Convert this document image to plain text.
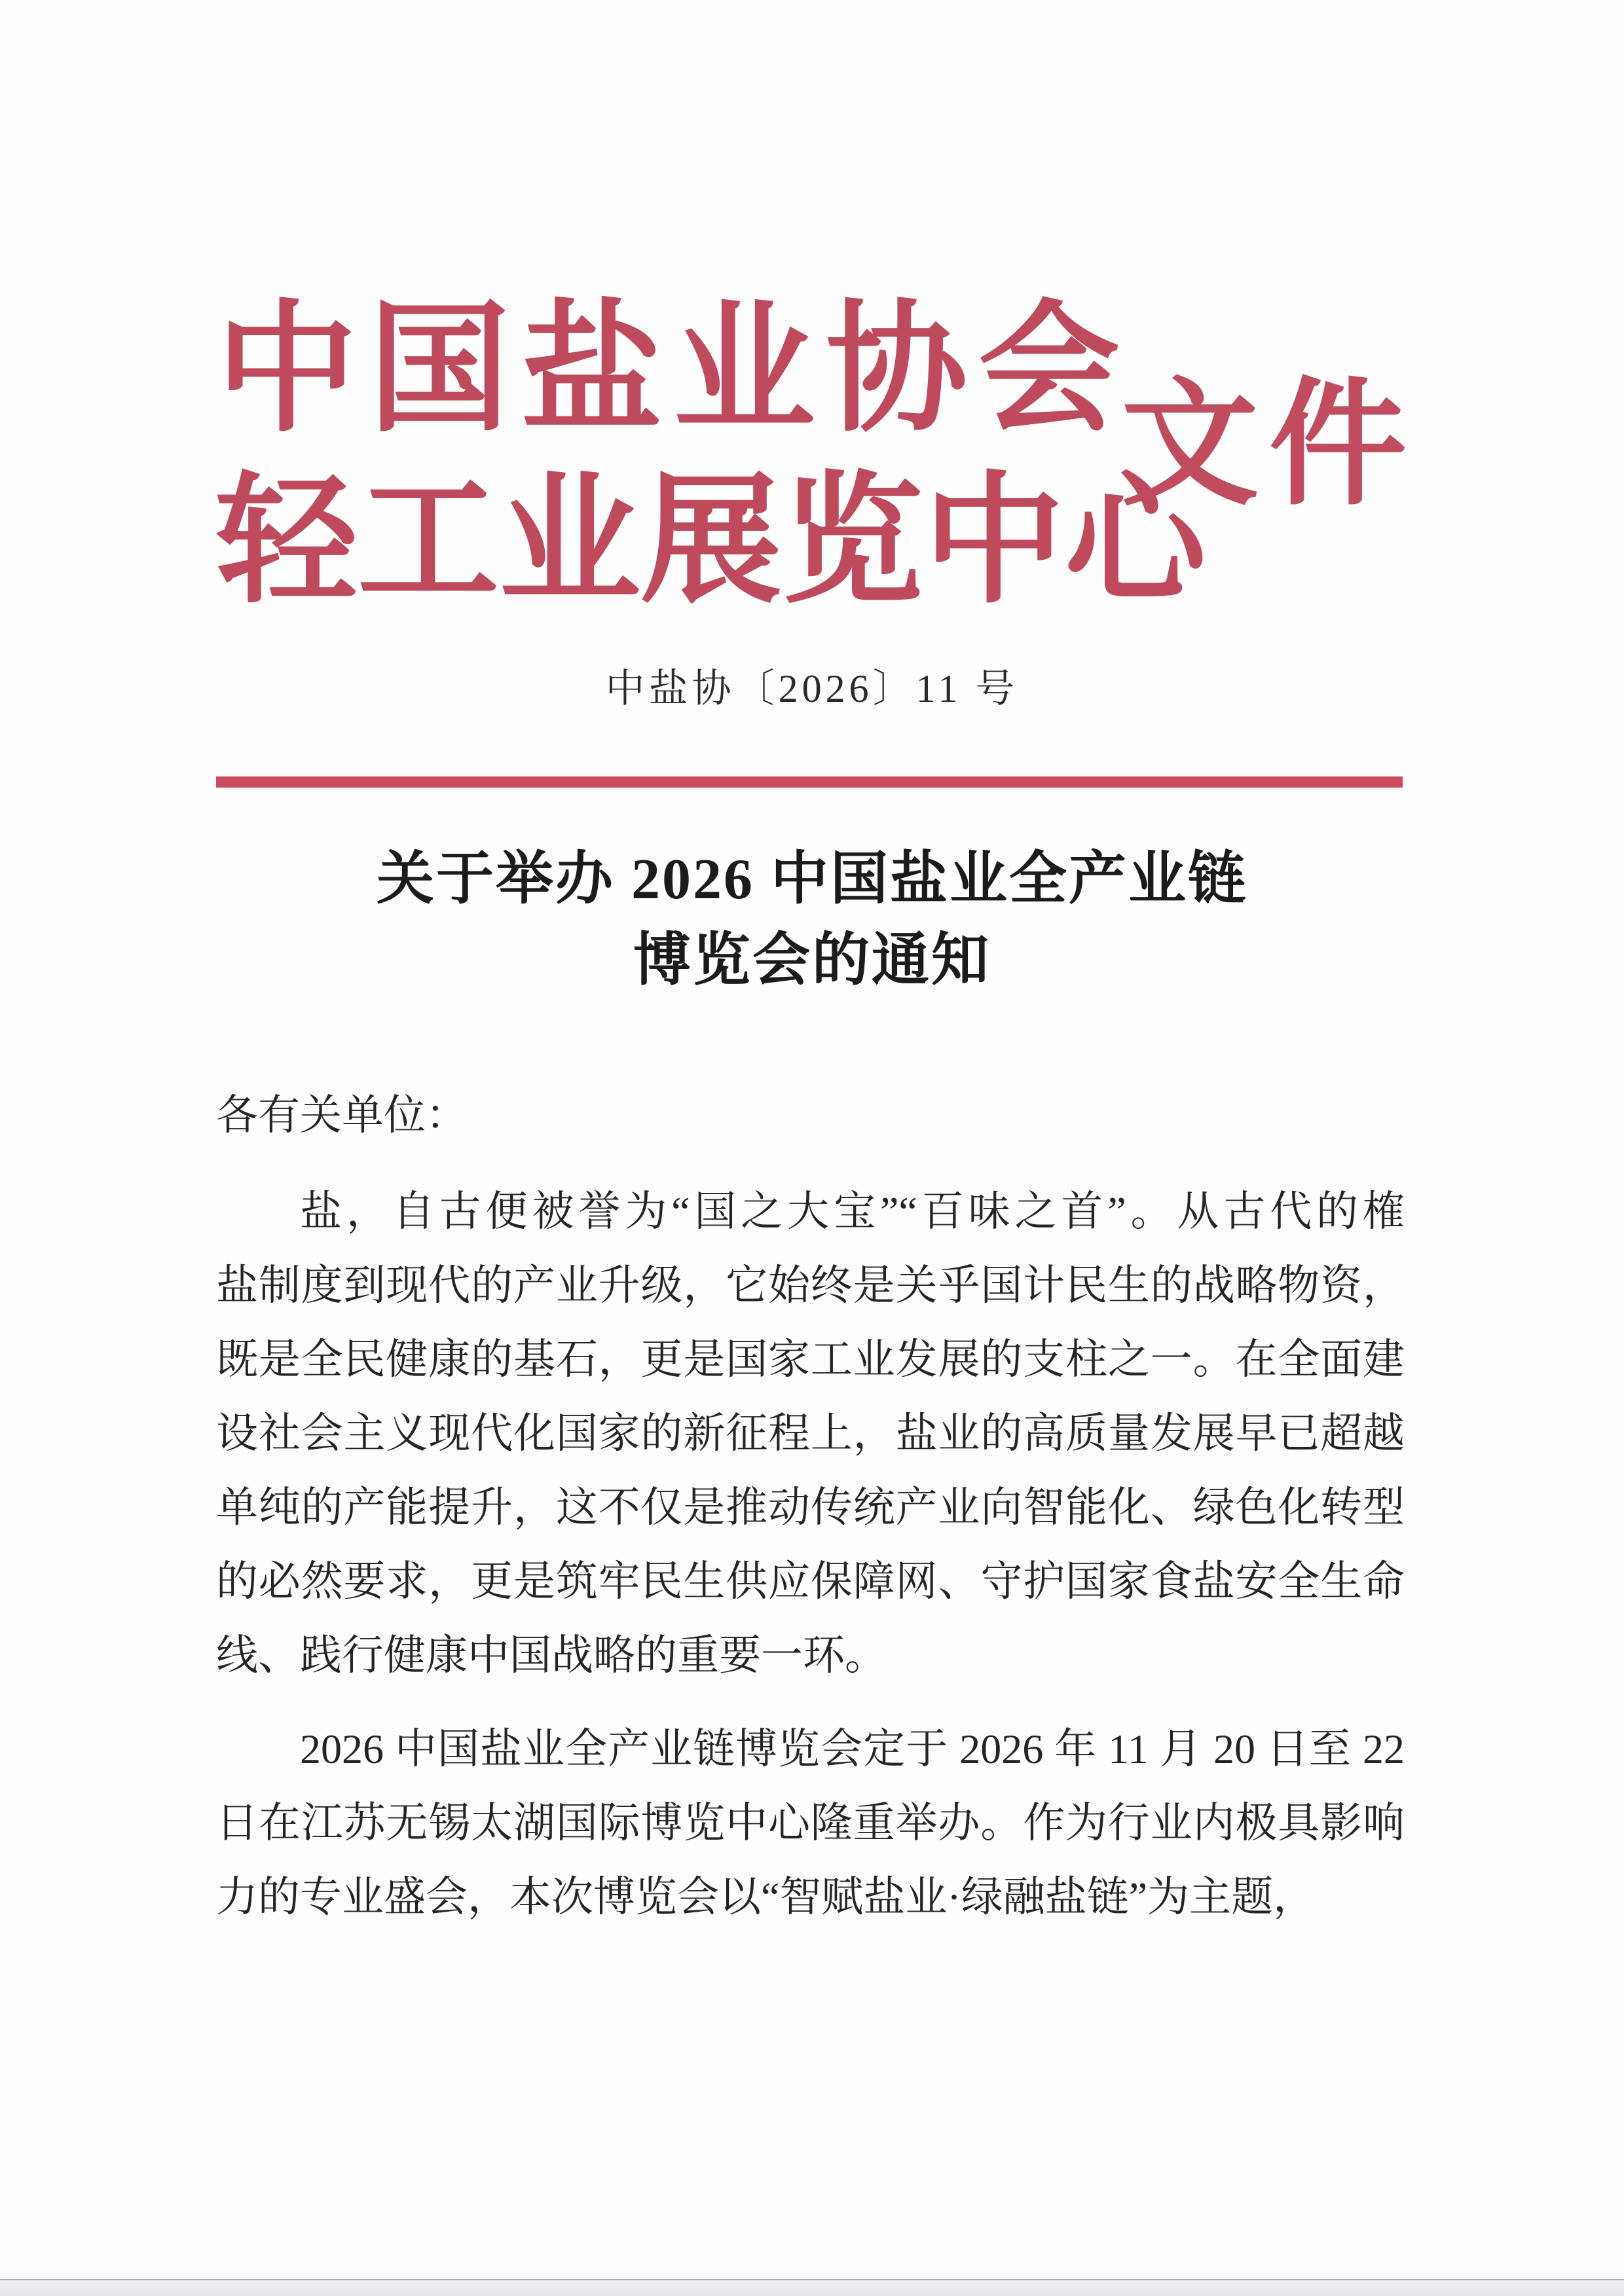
中国盐业协会
轻工业展览中心
文件
中盐协〔2026〕11 号
关于举办 2026 中国盐业全产业链
博览会的通知
各有关单位：
盐，自古便被誉为“国之大宝”“百味之首”。从古代的榷
盐制度到现代的产业升级，它始终是关乎国计民生的战略物资，
既是全民健康的基石，更是国家工业发展的支柱之一。在全面建
设社会主义现代化国家的新征程上，盐业的高质量发展早已超越
单纯的产能提升，这不仅是推动传统产业向智能化、绿色化转型
的必然要求，更是筑牢民生供应保障网、守护国家食盐安全生命
线、践行健康中国战略的重要一环。
2026 中国盐业全产业链博览会定于 2026 年 11 月 20 日至 22
日在江苏无锡太湖国际博览中心隆重举办。作为行业内极具影响
力的专业盛会，本次博览会以“智赋盐业·绿融盐链”为主题，
